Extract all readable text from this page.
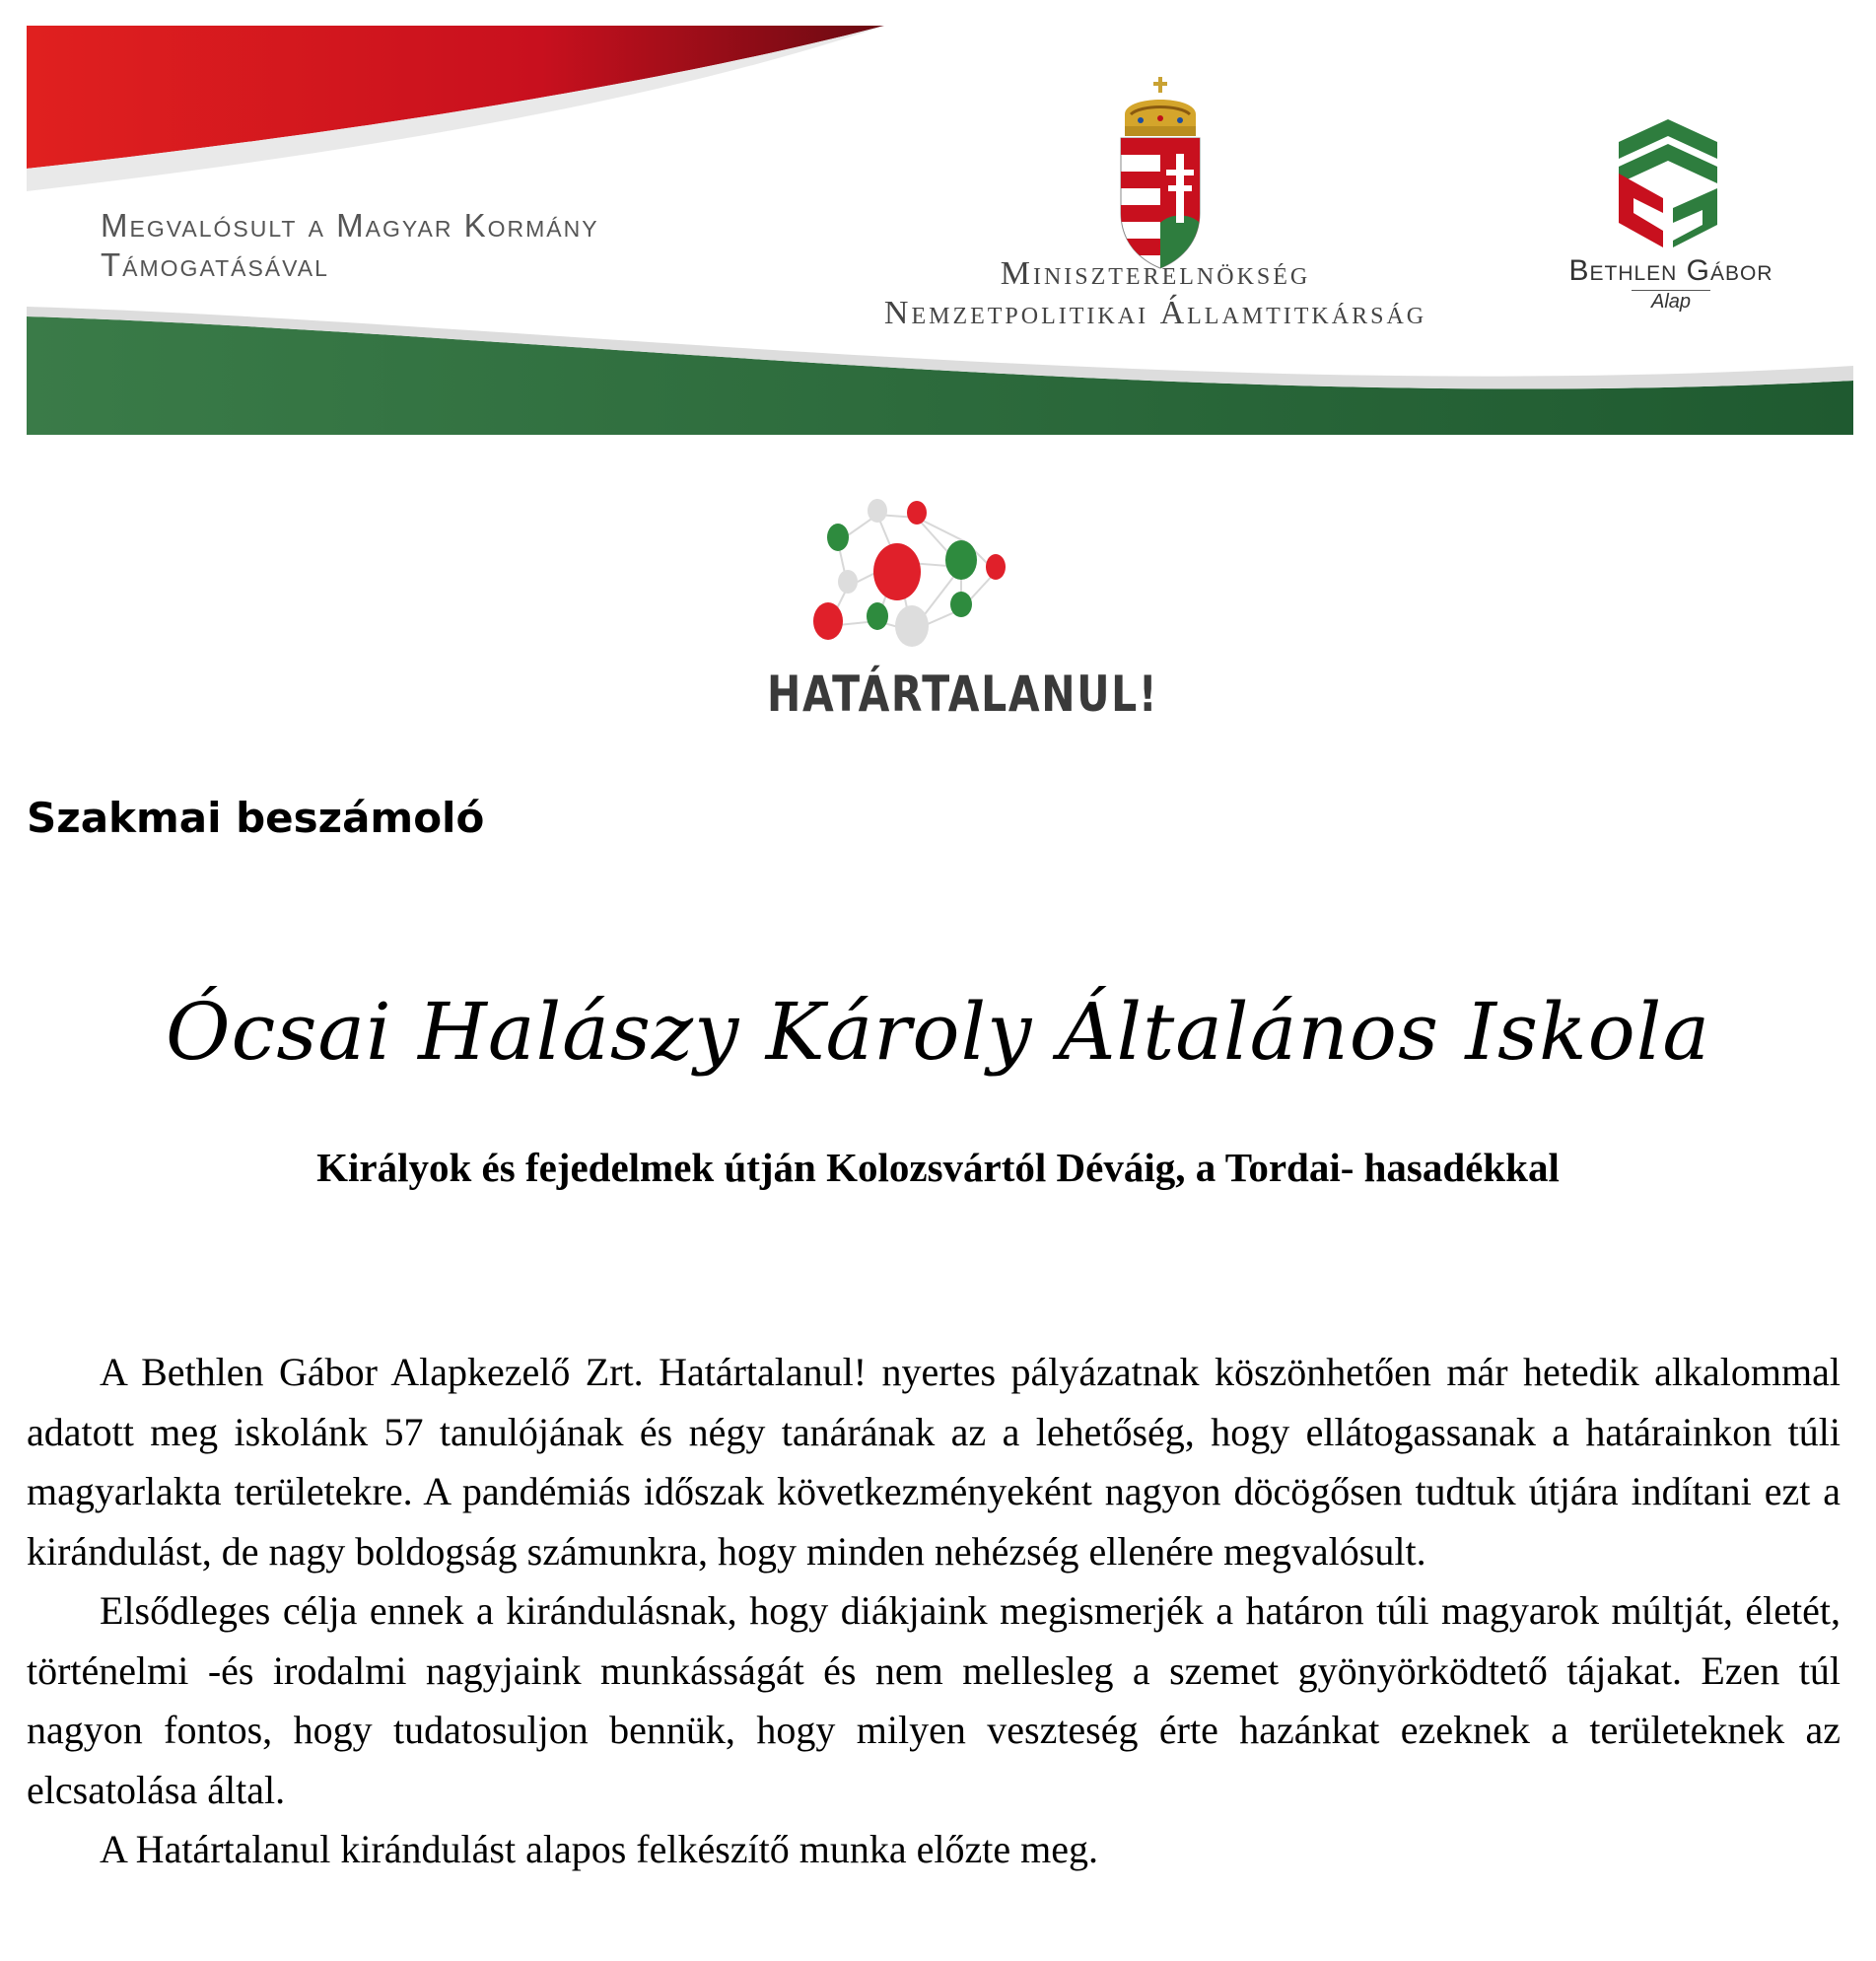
Megvalósult a Magyar Kormány
Támogatásával	Miniszterelnökség
Nemzetpolitikai Államtitkárság
Bethlen Gábor
Alap
HATÁRTALANUL!
Szakmai beszámoló
Ócsai Halászy Károly Általános Iskola
Királyok és fejedelmek útján Kolozsvártól Déváig, a Tordai- hasadékkal

A Bethlen Gábor Alapkezelő Zrt. Határtalanul! nyertes pályázatnak köszönhetően már hetedik alkalommal adatott meg iskolánk 57 tanulójának és négy tanárának az a lehetőség, hogy ellátogassanak a határainkon túli magyarlakta területekre. A pandémiás időszak következményeként nagyon döcögősen tudtuk útjára indítani ezt a kirándulást, de nagy boldogság számunkra, hogy minden nehézség ellenére megvalósult.

Elsődleges célja ennek a kirándulásnak, hogy diákjaink megismerjék a határon túli magyarok múltját, életét, történelmi -és irodalmi nagyjaink munkásságát és nem mellesleg a szemet gyönyörködtető tájakat. Ezen túl nagyon fontos, hogy tudatosuljon bennük, hogy milyen veszteség érte hazánkat ezeknek a területeknek az elcsatolása által.

A Határtalanul kirándulást alapos felkészítő munka előzte meg.
